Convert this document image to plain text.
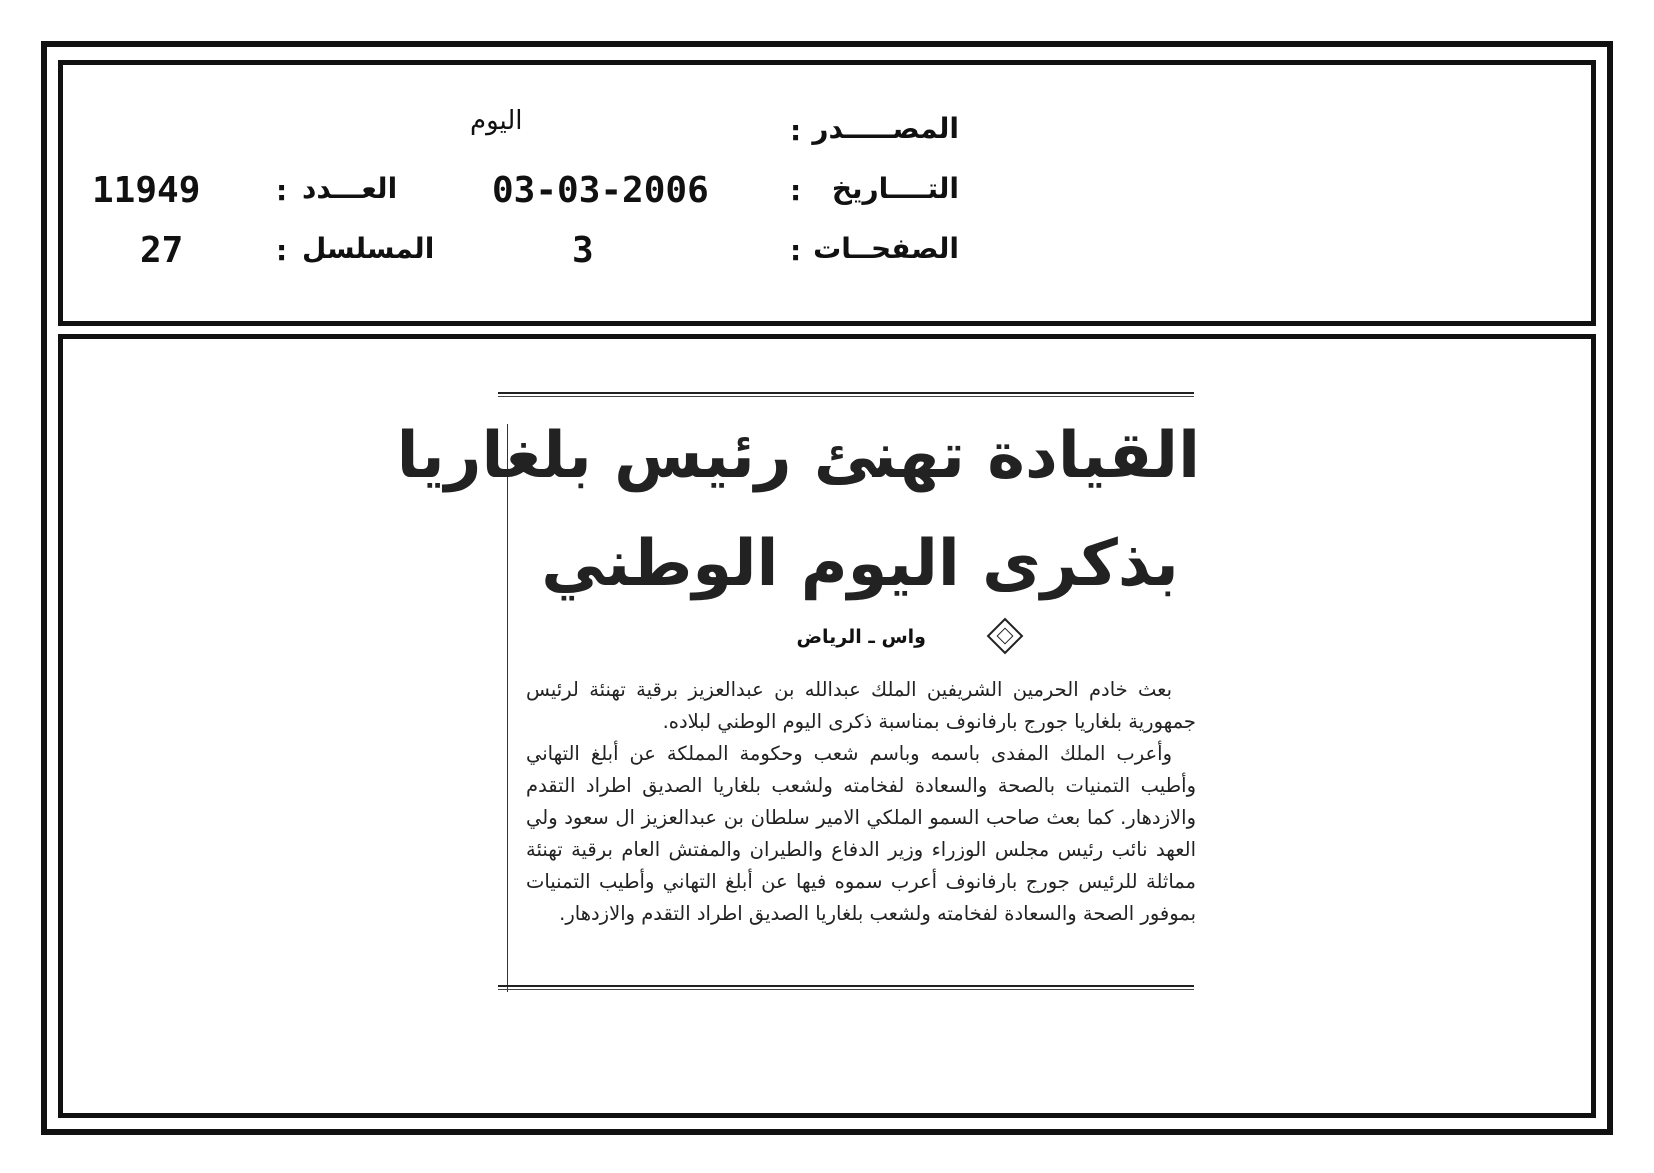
المصـــــدر
:
اليوم
التــــاريخ
:
03-03-2006
العـــدد
:
11949
الصفحــات
:
3
المسلسل
:
27
القيادة تهنئ رئيس بلغاريا
بذكرى اليوم الوطني
واس ـ الرياض

بعث خادم الحرمين الشريفين الملك عبدالله بن عبدالعزيز برقية تهنئة لرئيس جمهورية بلغاريا جورج بارفانوف بمناسبة ذكرى اليوم الوطني لبلاده.

وأعرب الملك المفدى باسمه وباسم شعب وحكومة المملكة عن أبلغ التهاني وأطيب التمنيات بالصحة والسعادة لفخامته ولشعب بلغاريا الصديق اطراد التقدم والازدهار. كما بعث صاحب السمو الملكي الامير سلطان بن عبدالعزيز ال سعود ولي العهد نائب رئيس مجلس الوزراء وزير الدفاع والطيران والمفتش العام برقية تهنئة مماثلة للرئيس جورج بارفانوف أعرب سموه فيها عن أبلغ التهاني وأطيب التمنيات بموفور الصحة والسعادة لفخامته ولشعب بلغاريا الصديق اطراد التقدم والازدهار.
